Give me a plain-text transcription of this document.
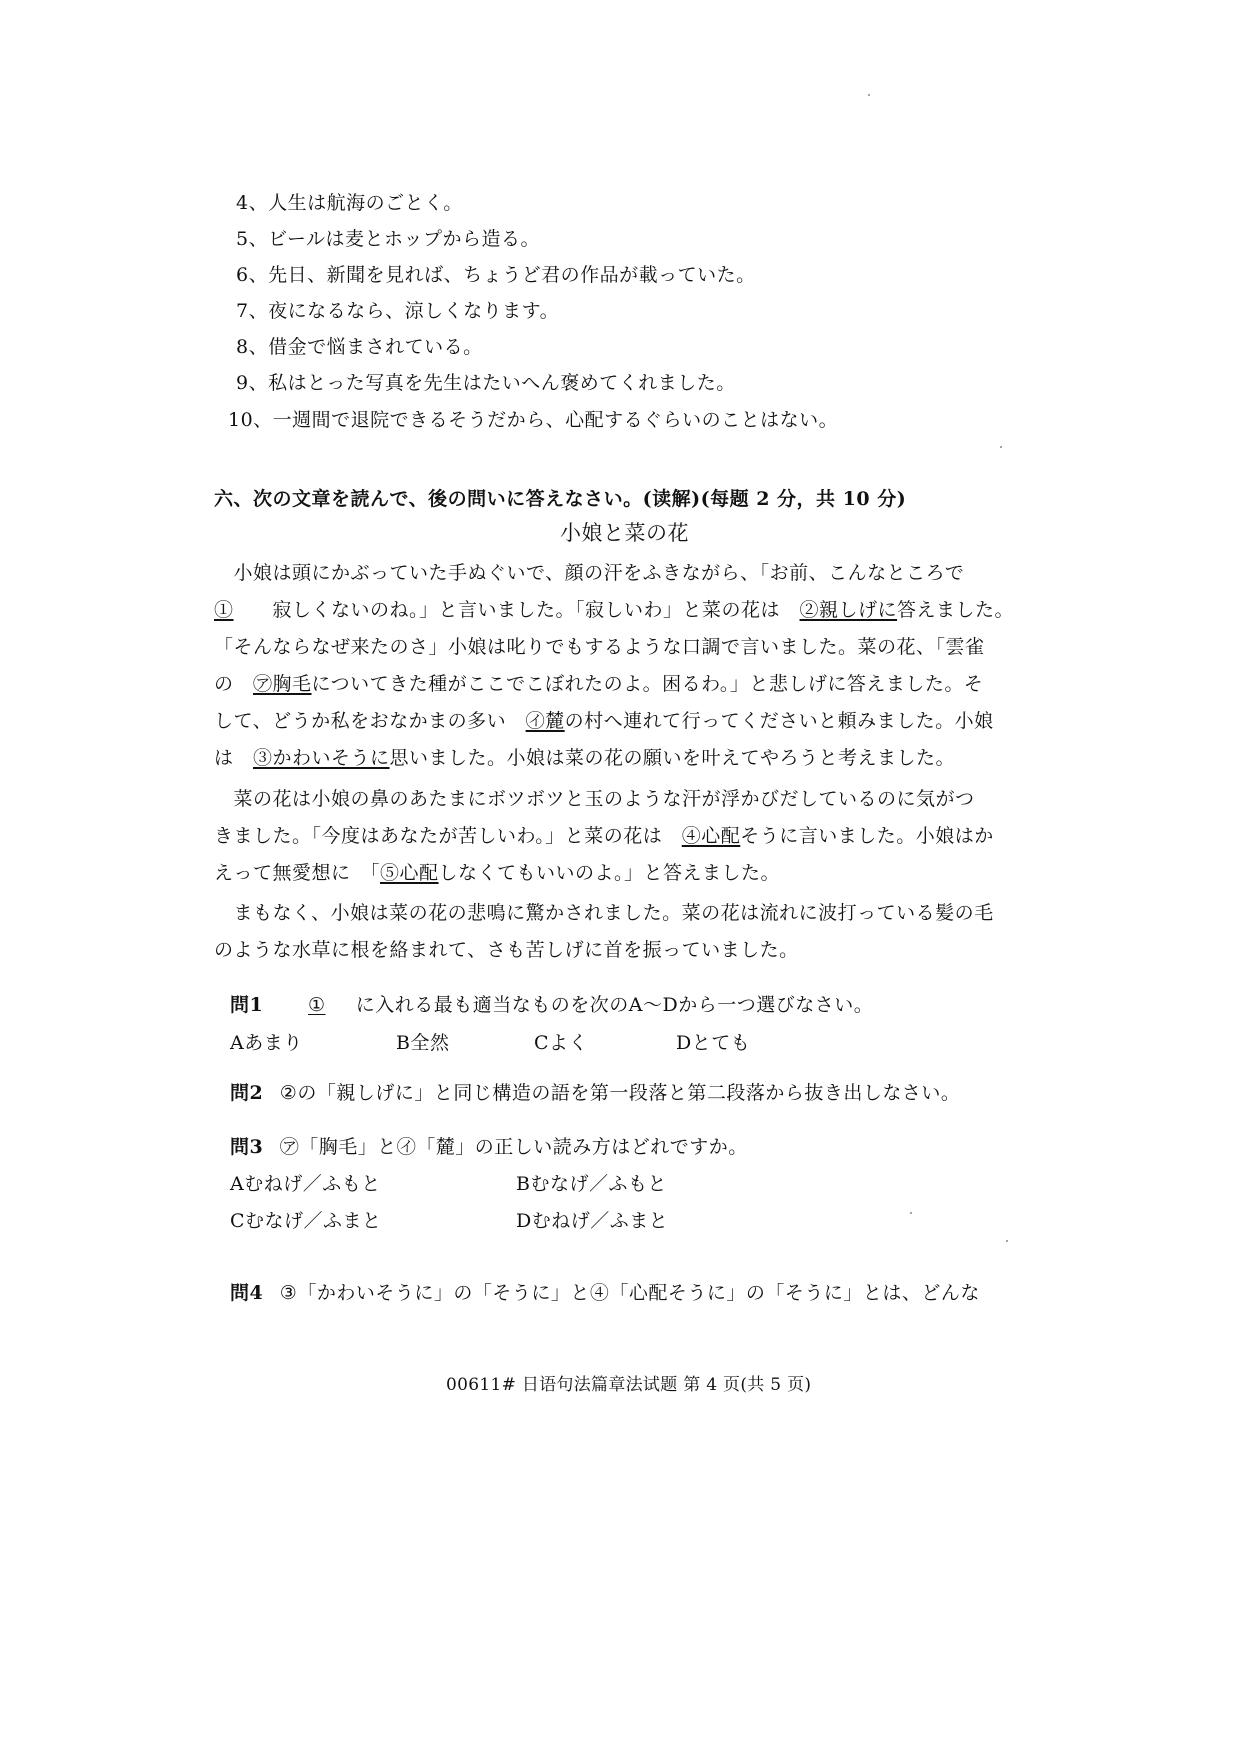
4、人生は航海のごとく。
5、ビールは麦とホップから造る。
6、先日、新聞を見れば、ちょうど君の作品が載っていた。
7、夜になるなら、涼しくなります。
8、借金で悩まされている。
9、私はとった写真を先生はたいへん褒めてくれました。
10、一週間で退院できるそうだから、心配するぐらいのことはない。
六、次の文章を読んで、後の問いに答えなさい。(读解)(每题 2 分，共 10 分)
小娘と菜の花
　小娘は頭にかぶっていた手ぬぐいで、顔の汗をふきながら、「お前、こんなところで
①　　寂しくないのね。」と言いました。「寂しいわ」と菜の花は　②親しげに答えました。
「そんならなぜ来たのさ」小娘は叱りでもするような口調で言いました。菜の花、「雲雀
の　㋐胸毛についてきた種がここでこぼれたのよ。困るわ。」と悲しげに答えました。そ
して、どうか私をおなかまの多い　㋑麓の村へ連れて行ってくださいと頼みました。小娘
は　③かわいそうに思いました。小娘は菜の花の願いを叶えてやろうと考えました。
　菜の花は小娘の鼻のあたまにボツボツと玉のような汗が浮かびだしているのに気がつ
きました。「今度はあなたが苦しいわ。」と菜の花は　④心配そうに言いました。小娘はか
えって無愛想に　「⑤心配しなくてもいいのよ。」と答えました。
　まもなく、小娘は菜の花の悲鳴に驚かされました。菜の花は流れに波打っている髪の毛
のような水草に根を絡まれて、さも苦しげに首を振っていました。
問1 ① に入れる最も適当なものを次のA〜Dから一つ選びなさい。
Aあまり	B全然	Cよく	Dとても
問2 ②の「親しげに」と同じ構造の語を第一段落と第二段落から抜き出しなさい。
問3 ㋐「胸毛」と㋑「麓」の正しい読み方はどれですか。
Aむねげ／ふもと	Bむなげ／ふもと
Cむなげ／ふまと	Dむねげ／ふまと
問4 ③「かわいそうに」の「そうに」と④「心配そうに」の「そうに」とは、どんな
00611# 日语句法篇章法试题 第 4 页(共 5 页)
